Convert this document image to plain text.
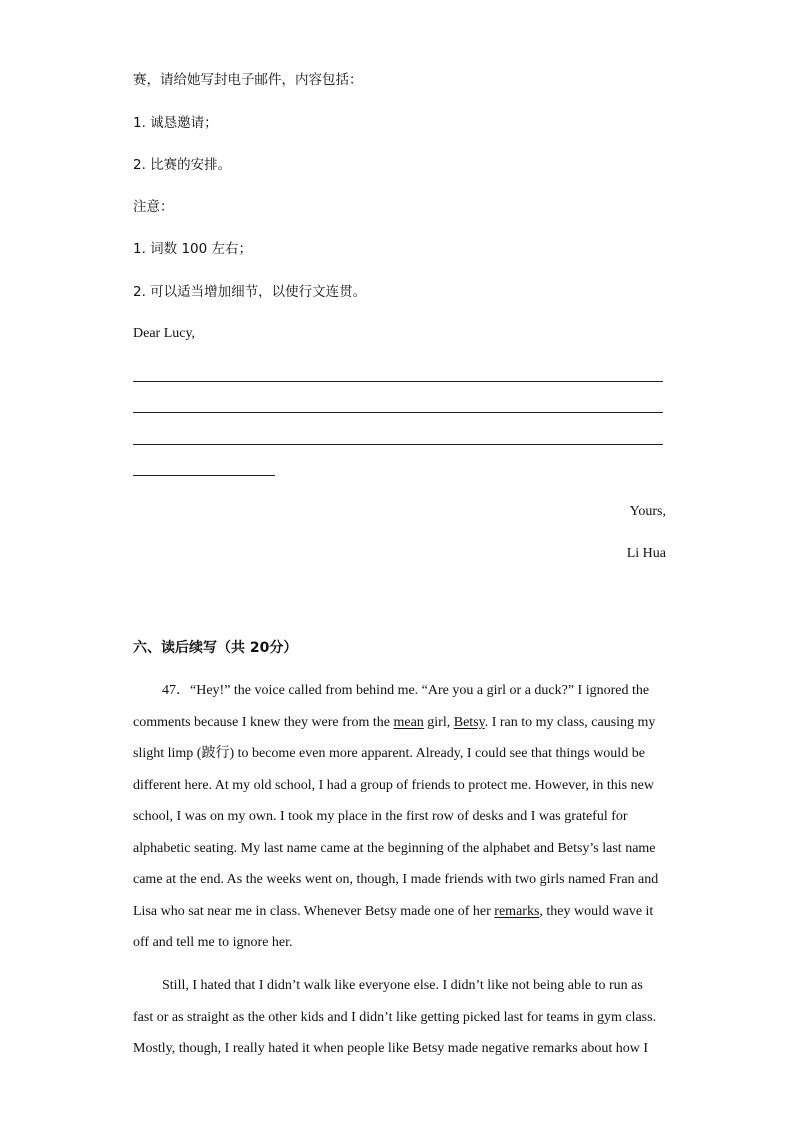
赛，请给她写封电子邮件，内容包括：
1. 诚恳邀请；
2. 比赛的安排。
注意：
1. 词数 100 左右；
2. 可以适当增加细节，以使行文连贯。
Dear Lucy,
Yours,
Li Hua
六、读后续写（共 20分）
47．“Hey!” the voice called from behind me. “Are you a girl or a duck?” I ignored the
comments because I knew they were from the mean girl, Betsy. I ran to my class, causing my
slight limp (跛行) to become even more apparent. Already, I could see that things would be
different here. At my old school, I had a group of friends to protect me. However, in this new
school, I was on my own. I took my place in the first row of desks and I was grateful for
alphabetic seating. My last name came at the beginning of the alphabet and Betsy’s last name
came at the end. As the weeks went on, though, I made friends with two girls named Fran and
Lisa who sat near me in class. Whenever Betsy made one of her remarks, they would wave it
off and tell me to ignore her.
Still, I hated that I didn’t walk like everyone else. I didn’t like not being able to run as
fast or as straight as the other kids and I didn’t like getting picked last for teams in gym class.
Mostly, though, I really hated it when people like Betsy made negative remarks about how I
